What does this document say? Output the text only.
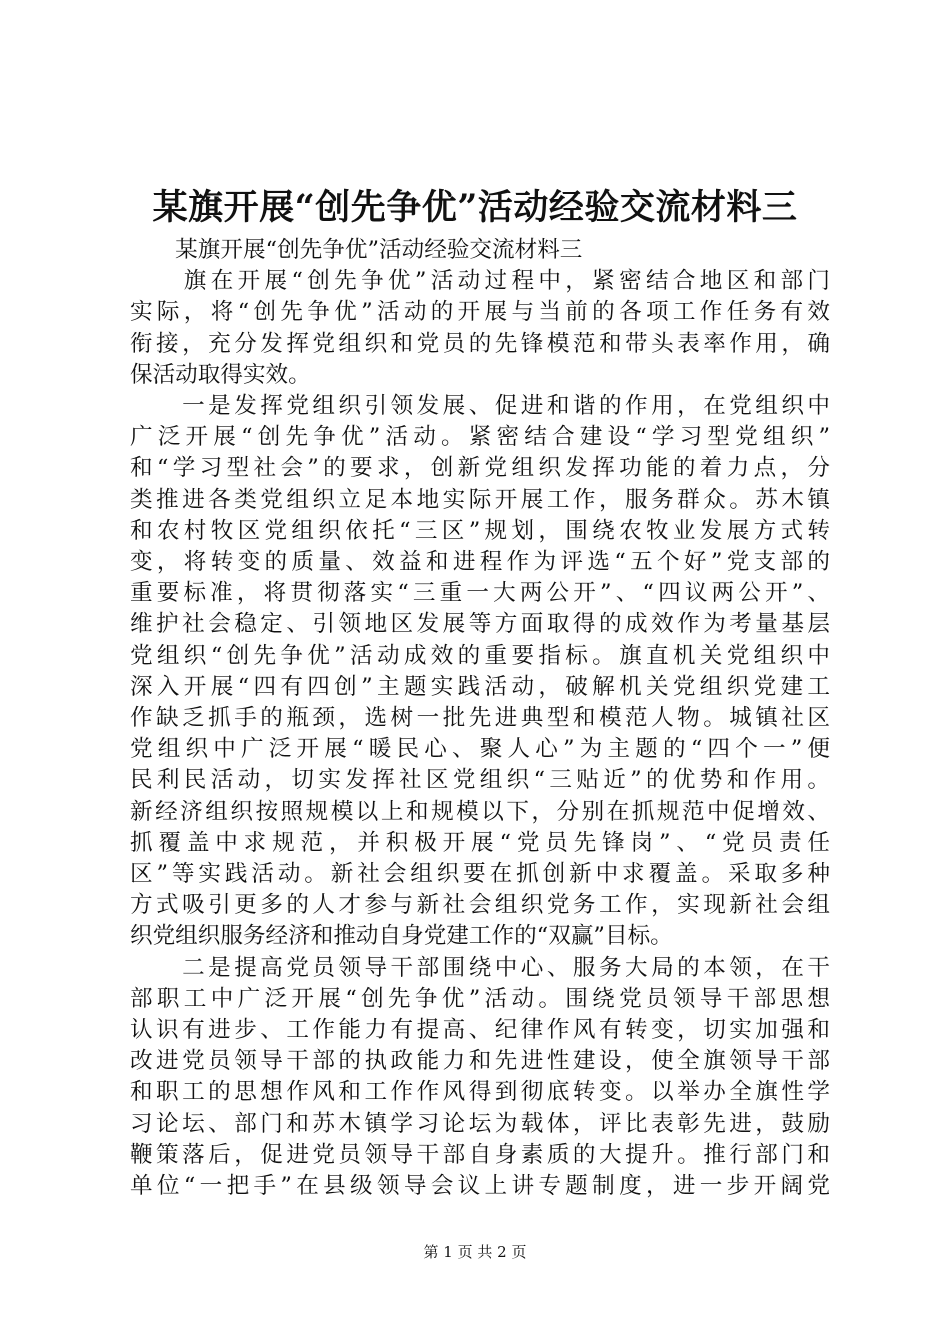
某旗开展“创先争优”活动经验交流材料三
　　某旗开展“创先争优”活动经验交流材料三
　　旗在开展“创先争优”活动过程中，紧密结合地区和部门
实际，将“创先争优”活动的开展与当前的各项工作任务有效
衔接，充分发挥党组织和党员的先锋模范和带头表率作用，确
保活动取得实效。
　　一是发挥党组织引领发展、促进和谐的作用，在党组织中
广泛开展“创先争优”活动。紧密结合建设“学习型党组织”
和“学习型社会”的要求，创新党组织发挥功能的着力点，分
类推进各类党组织立足本地实际开展工作，服务群众。苏木镇
和农村牧区党组织依托“三区”规划，围绕农牧业发展方式转
变，将转变的质量、效益和进程作为评选“五个好”党支部的
重要标准，将贯彻落实“三重一大两公开”、“四议两公开”、
维护社会稳定、引领地区发展等方面取得的成效作为考量基层
党组织“创先争优”活动成效的重要指标。旗直机关党组织中
深入开展“四有四创”主题实践活动，破解机关党组织党建工
作缺乏抓手的瓶颈，选树一批先进典型和模范人物。城镇社区
党组织中广泛开展“暖民心、聚人心”为主题的“四个一”便
民利民活动，切实发挥社区党组织“三贴近”的优势和作用。
新经济组织按照规模以上和规模以下，分别在抓规范中促增效、
抓覆盖中求规范，并积极开展“党员先锋岗”、“党员责任
区”等实践活动。新社会组织要在抓创新中求覆盖。采取多种
方式吸引更多的人才参与新社会组织党务工作，实现新社会组
织党组织服务经济和推动自身党建工作的“双赢”目标。
　　二是提高党员领导干部围绕中心、服务大局的本领，在干
部职工中广泛开展“创先争优”活动。围绕党员领导干部思想
认识有进步、工作能力有提高、纪律作风有转变，切实加强和
改进党员领导干部的执政能力和先进性建设，使全旗领导干部
和职工的思想作风和工作作风得到彻底转变。以举办全旗性学
习论坛、部门和苏木镇学习论坛为载体，评比表彰先进，鼓励
鞭策落后，促进党员领导干部自身素质的大提升。推行部门和
单位“一把手”在县级领导会议上讲专题制度，进一步开阔党
第 1 页 共 2 页
